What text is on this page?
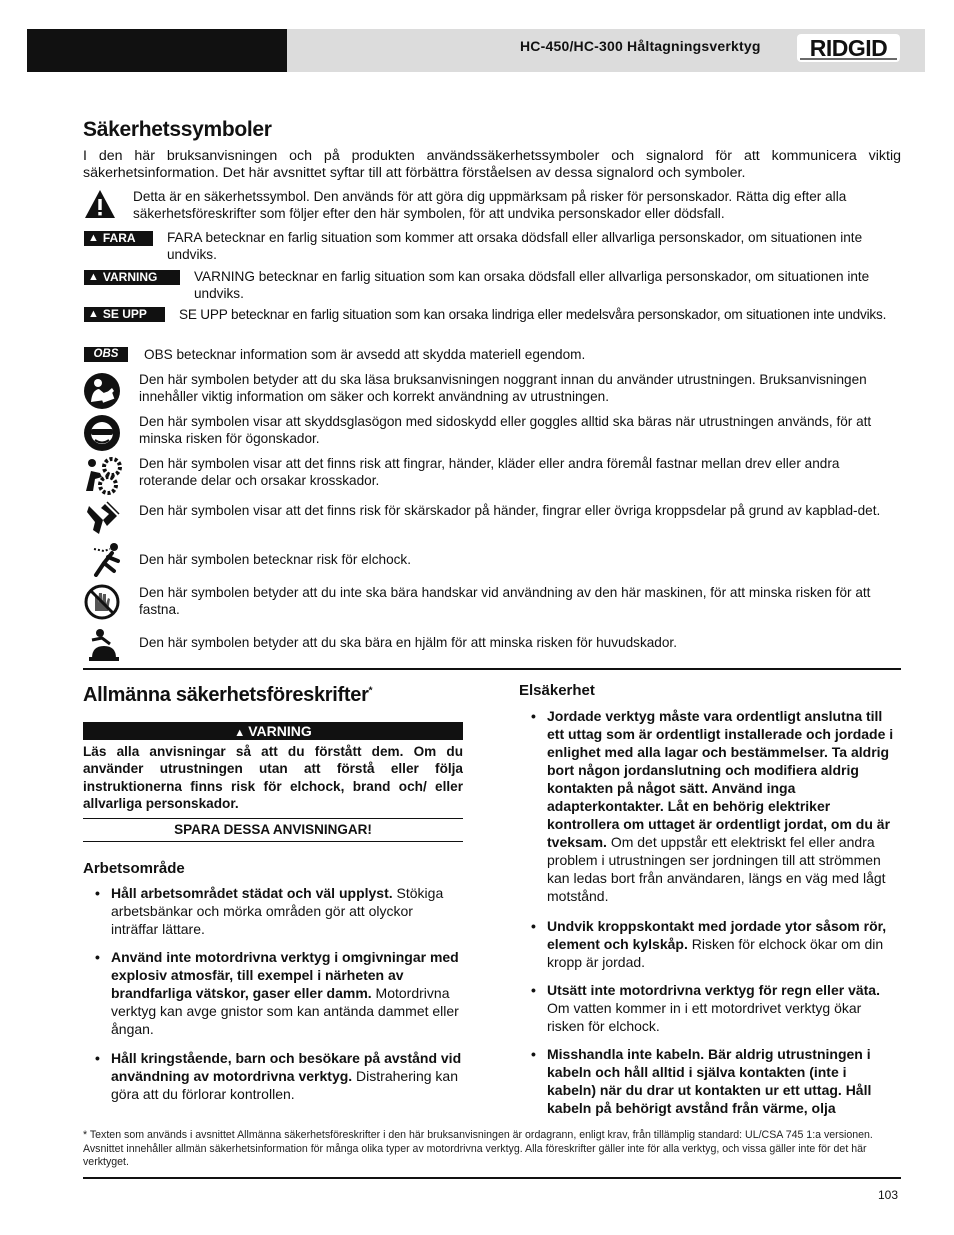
HC-450/HC-300 Håltagningsverktyg RIDGID
Säkerhetssymboler
I den här bruksanvisningen och på produkten användssäkerhetssymboler och signalord för att kommunicera viktig säkerhetsinformation. Det här avsnittet syftar till att förbättra förståelsen av dessa signalord och symboler.
Detta är en säkerhetssymbol. Den används för att göra dig uppmärksam på risker för personskador. Rätta dig efter alla säkerhetsföreskrifter som följer efter den här symbolen, för att undvika personskador eller dödsfall.
▲ FARA FARA betecknar en farlig situation som kommer att orsaka dödsfall eller allvarliga personskador, om situationen inte undviks.
▲ VARNING	VARNING betecknar en farlig situation som kan orsaka dödsfall eller allvarliga personskador, om situationen inte undviks.
▲ SE UPP SE UPP betecknar en farlig situation som kan orsaka lindriga eller medelsvåra personskador, om situationen inte undviks.
OBS	OBS betecknar information som är avsedd att skydda materiell egendom.
Den här symbolen betyder att du ska läsa bruksanvisningen noggrant innan du använder utrustningen. Bruksanvisningen innehåller viktig information om säker och korrekt användning av utrustningen.
Den här symbolen visar att skyddsglasögon med sidoskydd eller goggles alltid ska bäras när utrustningen används, för att minska risken för ögonskador.
Den här symbolen visar att det finns risk att fingrar, händer, kläder eller andra föremål fastnar mellan drev eller andra roterande delar och orsakar krosskador.
Den här symbolen visar att det finns risk för skärskador på händer, fingrar eller övriga kroppsdelar på grund av kapblad-det.
Den här symbolen betecknar risk för elchock.
Den här symbolen betyder att du inte ska bära handskar vid användning av den här maskinen, för att minska risken för att fastna.
Den här symbolen betyder att du ska bära en hjälm för att minska risken för huvudskador.
Allmänna säkerhetsföreskrifter*
▲ VARNING
Läs alla anvisningar så att du förstått dem. Om du använder utrustningen utan att förstå eller följa instruktionerna finns risk för elchock, brand och/ eller allvarliga personskador.
SPARA DESSA ANVISNINGAR!
Arbetsområde
• Håll arbetsområdet städat och väl upplyst. Stökiga arbetsbänkar och mörka områden gör att olyckor inträffar lättare.
• Använd inte motordrivna verktyg i omgivningar med explosiv atmosfär, till exempel i närheten av brandfarliga vätskor, gaser eller damm. Motordrivna verktyg kan avge gnistor som kan antända dammet eller ångan.
• Håll kringstående, barn och besökare på avstånd vid användning av motordrivna verktyg. Distrahering kan göra att du förlorar kontrollen.
Elsäkerhet
• Jordade verktyg måste vara ordentligt anslutna till ett uttag som är ordentligt installerade och jordade i enlighet med alla lagar och bestämmelser. Ta aldrig bort någon jordanslutning och modifiera aldrig kontakten på något sätt. Använd inga adapterkontakter. Låt en behörig elektriker kontrollera om uttaget är ordentligt jordat, om du är tveksam. Om det uppstår ett elektriskt fel eller andra problem i utrustningen ser jordningen till att strömmen kan ledas bort från användaren, längs en väg med lågt motstånd.
• Undvik kroppskontakt med jordade ytor såsom rör, element och kylskåp. Risken för elchock ökar om din kropp är jordad.
• Utsätt inte motordrivna verktyg för regn eller väta. Om vatten kommer in i ett motordrivet verktyg ökar risken för elchock.
• Misshandla inte kabeln. Bär aldrig utrustningen i kabeln och håll alltid i själva kontakten (inte i kabeln) när du drar ut kontakten ur ett uttag. Håll kabeln på behörigt avstånd från värme, olja
* Texten som används i avsnittet Allmänna säkerhetsföreskrifter i den här bruksanvisningen är ordagrann, enligt krav, från tillämplig standard: UL/CSA 745 1:a versionen. Avsnittet innehåller allmän säkerhetsinformation för många olika typer av motordrivna verktyg. Alla föreskrifter gäller inte för alla verktyg, och vissa gäller inte för det här verktyget.
103
